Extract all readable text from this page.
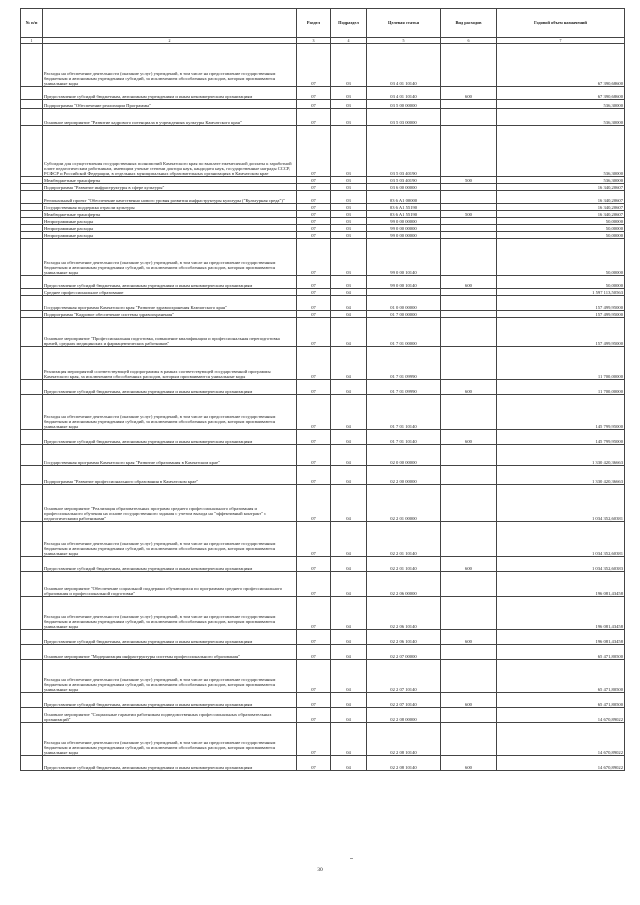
№ п/п		Раздел	Подраздел	Целевая статья	Вид расходов	Годовой объем назначений
1	2	3	4	5	6	7
	Расходы на обеспечение деятельности (оказание услуг) учреждений, в том числе на предоставление государственным бюджетным и автономным учреждениям субсидий, за исключением обособленных расходов, которым присваиваются уникальные коды	07	03	03 4 01 10140		67 390,68600
	Предоставление субсидий бюджетным, автономным учреждениям и иным некоммерческим организациям	07	03	03 4 01 10140	600	67 390,68600
	Подпрограмма "Обеспечение реализации Программы"	07	03	03 5 00 00000		536,30000
	Основное мероприятие "Развитие кадрового потенциала в учреждениях культуры Камчатского края"	07	03	03 5 03 00000		536,30000
	Субсидии для осуществления государственных полномочий Камчатского края по выплате ежемесячной доплаты к заработной плате педагогическим работникам, имеющим ученые степени доктора наук, кандидата наук, государственные награды СССР, РСФСР и Российской Федерации, в отдельных муниципальных образовательных организациях в Камчатском крае	07	03	03 5 03 40190		536,30000
	Межбюджетные трансферты	07	03	03 5 03 40190	500	536,30000
	Подпрограмма "Развитие инфраструктуры в сфере культуры"	07	03	03 6 00 00000		16 340,20607
	Региональный проект "Обеспечение качественно нового уровня развития инфраструктуры культуры ("Культурная среда")"	07	03	03 6 A1 00000		16 340,20607
	Государственная поддержка отрасли культуры	07	03	03 6 A1 55190		16 340,20607
	Межбюджетные трансферты	07	03	03 6 A1 55190	500	16 340,20607
	Непрограммные расходы	07	03	99 0 00 00000		50,00000
	Непрограммные расходы	07	03	99 0 00 00000		50,00000
	Непрограммные расходы	07	03	99 0 00 00000		50,00000
	Расходы на обеспечение деятельности (оказание услуг) учреждений, в том числе на предоставление государственным бюджетным и автономным учреждениям субсидий, за исключением обособленных расходов, которым присваиваются уникальные коды	07	03	99 0 00 10140		50,00000
	Предоставление субсидий бюджетным, автономным учреждениям и иным некоммерческим организациям	07	03	99 0 00 10140	600	50,00000
	Среднее профессиональное образование	07	04			1 597 113,50563
	Государственная программа Камчатского края "Развитие здравоохранения Камчатского края"	07	04	01 0 00 00000		157 499,95000
	Подпрограмма "Кадровое обеспечение системы здравоохранения"	07	04	01 7 00 00000		157 499,95000
	Основное мероприятие "Профессиональная подготовка, повышение квалификации и профессиональная переподготовка врачей, средних медицинских и фармацевтических работников"	07	04	01 7 01 00000		157 499,95000
	Реализация мероприятий соответствующей подпрограммы в рамках соответствующей государственной программы Камчатского края, за исключением обособленных расходов, которым присваиваются уникальные коды	07	04	01 7 01 09990		11 700,00000
	Предоставление субсидий бюджетным, автономным учреждениям и иным некоммерческим организациям	07	04	01 7 01 09990	600	11 700,00000
	Расходы на обеспечение деятельности (оказание услуг) учреждений, в том числе на предоставление государственным бюджетным и автономным учреждениям субсидий, за исключением обособленных расходов, которым присваиваются уникальные коды	07	04	01 7 01 10140		145 799,95000
	Предоставление субсидий бюджетным, автономным учреждениям и иным некоммерческим организациям	07	04	01 7 01 10140	600	145 799,95000
	Государственная программа Камчатского края "Развитие образования в Камчатском крае"	07	04	02 0 00 00000		1 330 420,36663
	Подпрограмма "Развитие профессионального образования в Камчатском крае"	07	04	02 2 00 00000		1 330 420,36663
	Основное мероприятие "Реализация образовательных программ среднего профессионального образования и профессионального обучения на основе государственного задания с учетом выхода на "эффективный контракт" с педагогическими работниками"	07	04	02 2 01 00000		1 034 352,60381
	Расходы на обеспечение деятельности (оказание услуг) учреждений, в том числе на предоставление государственным бюджетным и автономным учреждениям субсидий, за исключением обособленных расходов, которым присваиваются уникальные коды	07	04	02 2 01 10140		1 034 352,60381
	Предоставление субсидий бюджетным, автономным учреждениям и иным некоммерческим организациям	07	04	02 2 01 10140	600	1 034 352,60383
	Основное мероприятие "Обеспечение социальной поддержки обучающихся по программам среднего профессионального образования и профессиональной подготовки"	07	04	02 2 06 00000		196 081,43458
	Расходы на обеспечение деятельности (оказание услуг) учреждений, в том числе на предоставление государственным бюджетным и автономным учреждениям субсидий, за исключением обособленных расходов, которым присваиваются уникальные коды	07	04	02 2 06 10140		196 081,43458
	Предоставление субсидий бюджетным, автономным учреждениям и иным некоммерческим организациям	07	04	02 2 06 10140	600	196 081,43458
	Основное мероприятие "Модернизация инфраструктуры системы профессионального образования"	07	04	02 2 07 00000		65 471,80500
	Расходы на обеспечение деятельности (оказание услуг) учреждений, в том числе на предоставление государственным бюджетным и автономным учреждениям субсидий, за исключением обособленных расходов, которым присваиваются уникальные коды	07	04	02 2 07 10140		65 471,80500
	Предоставление субсидий бюджетным, автономным учреждениям и иным некоммерческим организациям	07	04	02 2 07 10140	600	65 471,80500
	Основное мероприятие "Социальные гарантии работникам подведомственных профессиональных образовательных организаций"	07	04	02 2 08 00000		14 670,89022
	Расходы на обеспечение деятельности (оказание услуг) учреждений, в том числе на предоставление государственным бюджетным и автономным учреждениям субсидий, за исключением обособленных расходов, которым присваиваются уникальные коды	07	04	02 2 08 10140		14 670,89022
	Предоставление субсидий бюджетным, автономным учреждениям и иным некоммерческим организациям	07	04	02 2 08 10140	600	14 670,89022
30
